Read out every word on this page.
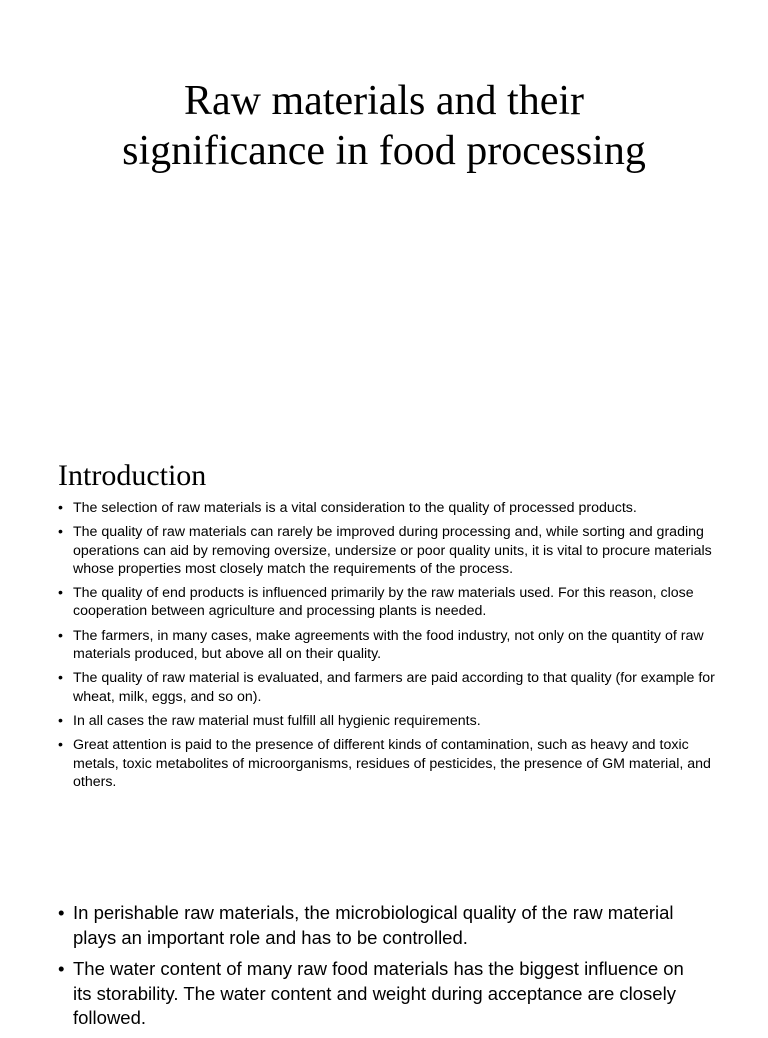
Raw materials and their significance in food processing
Introduction
• The selection of raw materials is a vital consideration to the quality of processed products.
• The quality of raw materials can rarely be improved during processing and, while sorting and grading operations can aid by removing oversize, undersize or poor quality units, it is vital to procure materials whose properties most closely match the requirements of the process.
• The quality of end products is influenced primarily by the raw materials used. For this reason, close cooperation between agriculture and processing plants is needed.
• The farmers, in many cases, make agreements with the food industry, not only on the quantity of raw materials produced, but above all on their quality.
• The quality of raw material is evaluated, and farmers are paid according to that quality (for example for wheat, milk, eggs, and so on).
• In all cases the raw material must fulfill all hygienic requirements.
• Great attention is paid to the presence of different kinds of contamination, such as heavy and toxic metals, toxic metabolites of microorganisms, residues of pesticides, the presence of GM material, and others.
• In perishable raw materials, the microbiological quality of the raw material plays an important role and has to be controlled.
• The water content of many raw food materials has the biggest influence on its storability. The water content and weight during acceptance are closely followed.
